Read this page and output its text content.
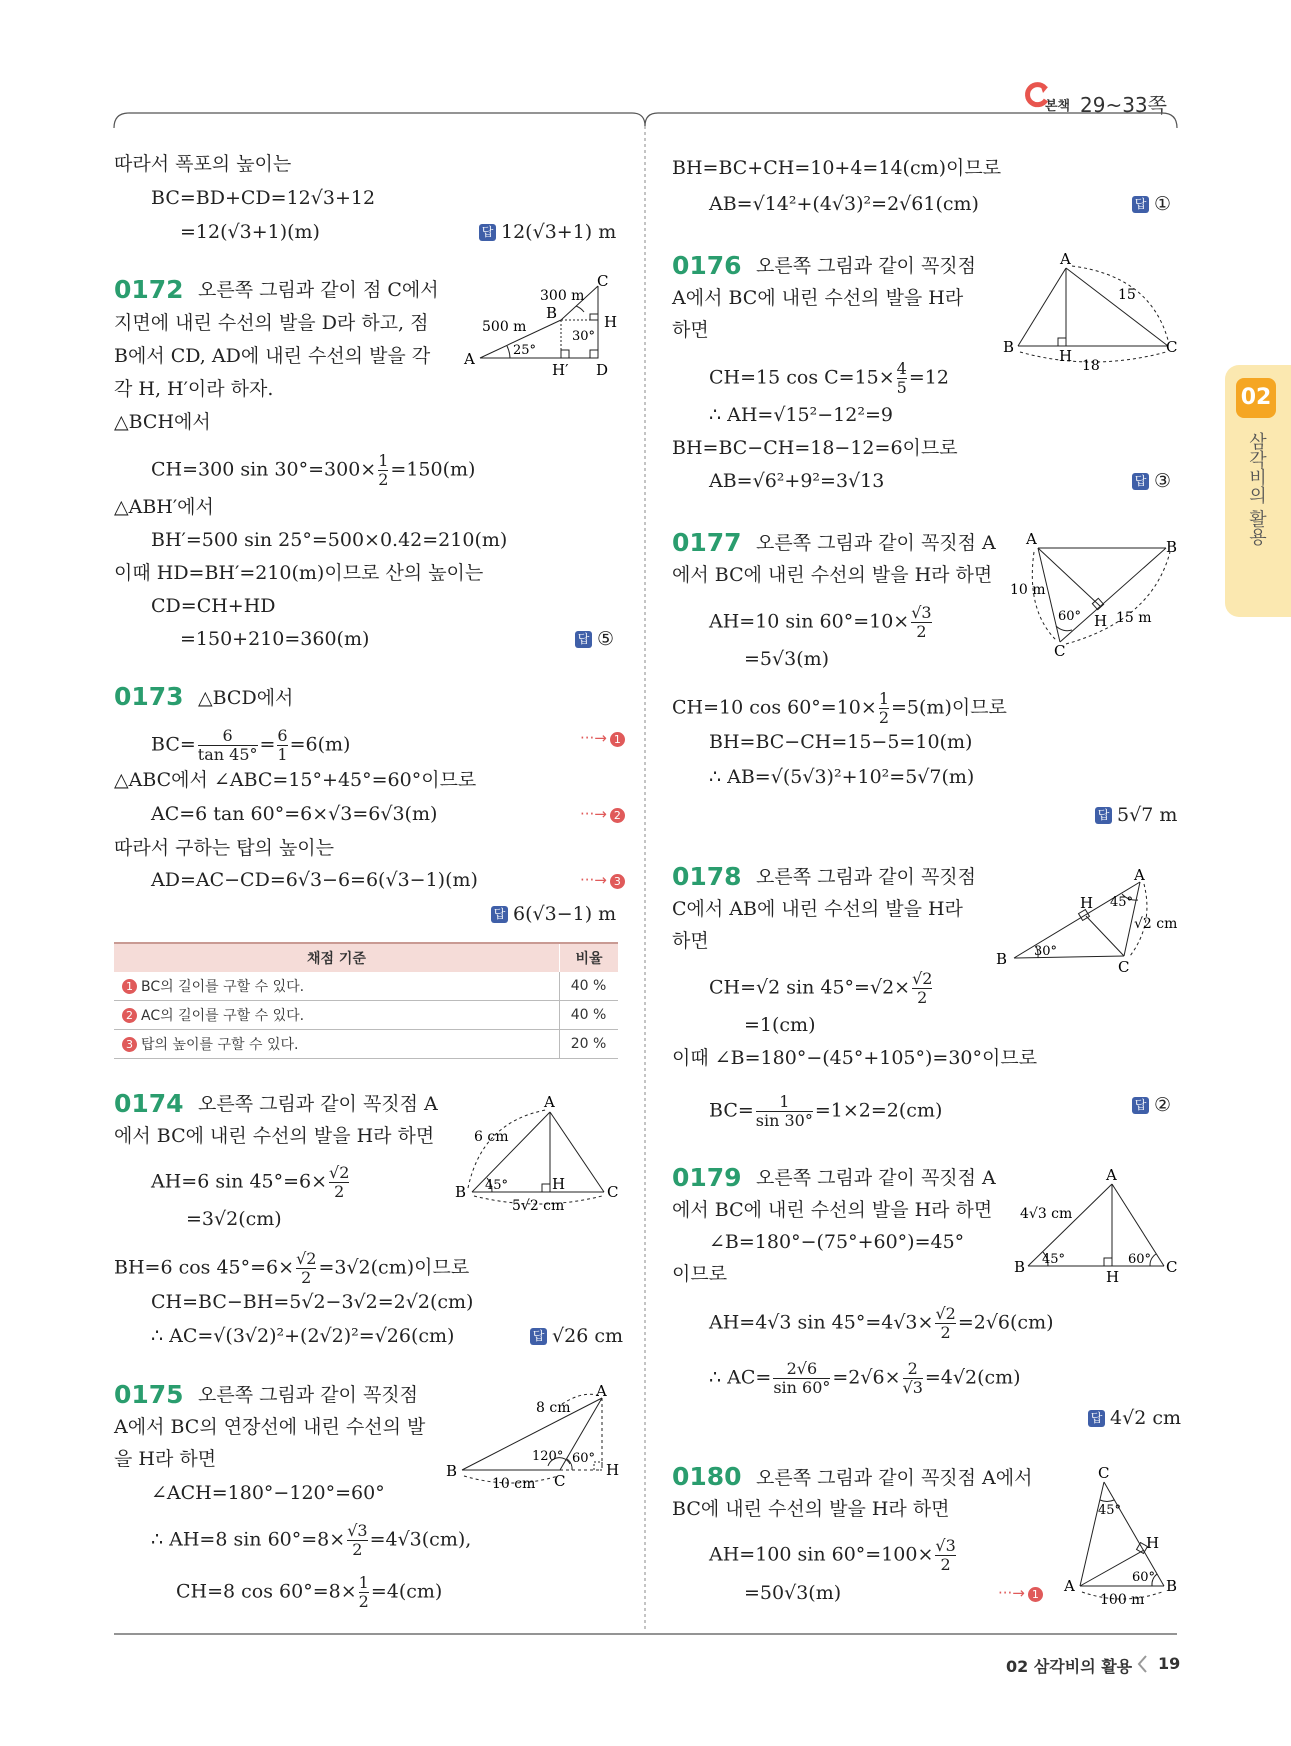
본책 29~33쪽
02
삼각비의 활용
따라서 폭포의 높이는
BC=BD+CD=12√3+12
=12(√3+1)(m)	답 12(√3+1) m
0172 오른쪽 그림과 같이 점 C에서
지면에 내린 수선의 발을 D라 하고, 점
B에서 CD, AD에 내린 수선의 발을 각
각 H, H′이라 하자.
△BCH에서
CH=300 $\sin 30^\circ=300\times \frac{1}{2} =150(m)$
△ABH′에서
BH′=500 sin 25°=500×0.42=210(m)
이때 HD=BH′=210(m)이므로 산의 높이는
CD=CH+HD
=150+210=360(m)	답 ⑤
A
B
C
H
H′ D
300 m
500 m
25°
30°
0173 △BCD에서
$BC= \frac{6}{\tan 45^\circ} = \frac{6}{1} =6(m)$	···→ 1
△ABC에서 ∠ABC=15°+45°=60°이므로
AC=6 tan 60°=6×√3=6√3(m)	···→ 2
따라서 구하는 탑의 높이는
AD=AC−CD=6√3−6=6(√3−1)(m)	···→ 3
답 6(√3−1) m
채점 기준	비율
1 BC의 길이를 구할 수 있다.	40 %
2 AC의 길이를 구할 수 있다.	40 %
3 탑의 높이를 구할 수 있다.	20 %
0174 오른쪽 그림과 같이 꼭짓점 A
에서 BC에 내린 수선의 발을 H라 하면
AH=6 $\sin 45^\circ=6\times \frac{√2}{2}$
=3√2(cm)
BH=6 $\cos 45^\circ=6\times \frac{√2}{2} =3√2(cm)$이므로
CH=BC−BH=5√2−3√2=2√2(cm)
∴ AC=√(3√2)²+(2√2)²=√26(cm)	답 √26 cm
A
B	C
H
6 cm
5√2 cm
45°
0175 오른쪽 그림과 같이 꼭짓점
A에서 BC의 연장선에 내린 수선의 발
을 H라 하면
∠ACH=180°−120°=60°
∴ AH=8 $\sin 60^\circ=8\times \frac{√3}{2} =4√3(cm)$,
CH=8 $\cos 60^\circ=8\times \frac{1}{2} =4(cm)$
A
B
C
H
8 cm
10 cm
120° 60°
BH=BC+CH=10+4=14(cm)이므로
AB=√14²+(4√3)²=2√61(cm)	답 ①
0176 오른쪽 그림과 같이 꼭짓점
A에서 BC에 내린 수선의 발을 H라
하면
CH=15 $\cos C=15\times \frac{4}{5} =12$
∴ AH=√15²−12²=9
BH=BC−CH=18−12=6이므로
AB=√6²+9²=3√13	답 ③
A
B	C
H
15
18
0177 오른쪽 그림과 같이 꼭짓점 A
에서 BC에 내린 수선의 발을 H라 하면
AH=10 $\sin 60^\circ=10\times \frac{√3}{2}$
=5√3(m)
CH=10 $\cos 60^\circ=10\times \frac{1}{2} =5(m)$이므로
BH=BC−CH=15−5=10(m)
∴ AB=√(5√3)²+10²=5√7(m)
답 5√7 m
A	B
C
H
10 m
15 m
60°
0178 오른쪽 그림과 같이 꼭짓점
C에서 AB에 내린 수선의 발을 H라
하면
CH=√2 $\sin 45^\circ=√2\times \frac{√2}{2}$
=1(cm)
이때 ∠B=180°−(45°+105°)=30°이므로
$BC= \frac{1}{\sin 30^\circ} =1\times 2=2(cm)$	답 ②
A
B	C
H
√2 cm
45°
30°
0179 오른쪽 그림과 같이 꼭짓점 A
에서 BC에 내린 수선의 발을 H라 하면
∠B=180°−(75°+60°)=45°
이므로
AH=4√3 $\sin 45^\circ=4√3\times \frac{√2}{2} =2√6(cm)$
∴ $AC= \frac{2√6}{\sin 60^\circ} =2√6\times \frac{2}{√3} =4√2(cm)$
답 4√2 cm
A
B	C
H
4√3 cm
45°	60°
0180 오른쪽 그림과 같이 꼭짓점 A에서
BC에 내린 수선의 발을 H라 하면
AH=100 $\sin 60^\circ=100\times \frac{√3}{2}$
=50√3(m)	···→ 1
C
A	B
H
100 m
45°
60°
02 삼각비의 활용 19
